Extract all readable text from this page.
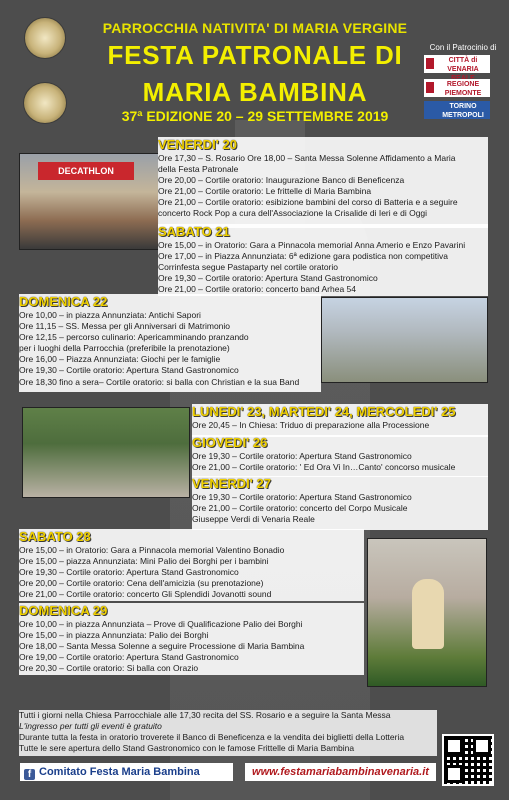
PARROCCHIA NATIVITA' DI MARIA VERGINE
FESTA PATRONALE DI
MARIA BAMBINA
37ª EDIZIONE 20 – 29 SETTEMBRE 2019
Con il Patrocinio di
CITTÀ di VENARIA
REGIONE PIEMONTE
TORINO METROPOLI
DECATHLON
VENERDI' 20
Ore 17,30 – S. Rosario Ore 18,00 – Santa Messa Solenne Affidamento a Maria
della Festa Patronale
Ore 20,00 – Cortile oratorio: Inaugurazione Banco di Beneficenza
Ore 21,00 – Cortile oratorio: Le frittelle di Maria Bambina
Ore 21,00 – Cortile oratorio: esibizione bambini del corso di Batteria e a seguire
concerto Rock Pop a cura dell'Associazione la Crisalide di Ieri e di Oggi
SABATO 21
Ore 15,00 – in Oratorio: Gara a Pinnacola memorial Anna Amerio e Enzo Pavarini
Ore 17,00 – in Piazza Annunziata: 6ª edizione gara podistica non competitiva
Corrinfesta segue Pastaparty nel cortile oratorio
Ore 19,30 – Cortile oratorio: Apertura Stand Gastronomico
Ore 21,00 – Cortile oratorio: concerto band Arhea 54
DOMENICA 22
Ore 10,00 – in piazza Annunziata: Antichi Sapori
Ore 11,15 – SS. Messa per gli Anniversari di Matrimonio
Ore 12,15 – percorso culinario: Apericamminando pranzando
per i luoghi della Parrocchia (preferibile la prenotazione)
Ore 16,00 – Piazza Annunziata: Giochi per le famiglie
Ore 19,30 – Cortile oratorio: Apertura Stand Gastronomico
Ore 18,30 fino a sera– Cortile oratorio: si balla con Christian e la sua Band
LUNEDI' 23, MARTEDI' 24, MERCOLEDI' 25
Ore 20,45 – In Chiesa: Triduo di preparazione alla Processione
GIOVEDI' 26
Ore 19,30 – Cortile oratorio: Apertura Stand Gastronomico
Ore 21,00 – Cortile oratorio: ' Ed Ora Vi In…Canto' concorso musicale
VENERDI' 27
Ore 19,30 – Cortile oratorio: Apertura Stand Gastronomico
Ore 21,00 – Cortile oratorio: concerto del Corpo Musicale
Giuseppe Verdi di Venaria Reale
SABATO 28
Ore 15,00 – in Oratorio: Gara a Pinnacola memorial Valentino Bonadio
Ore 15,00 – piazza Annunziata: Mini Palio dei Borghi per i bambini
Ore 19,30 – Cortile oratorio: Apertura Stand Gastronomico
Ore 20,00 – Cortile oratorio: Cena dell'amicizia (su prenotazione)
Ore 21,00 – Cortile oratorio: concerto Gli Splendidi Jovanotti sound
DOMENICA 29
Ore 10,00 – in piazza Annunziata – Prove di Qualificazione Palio dei Borghi
Ore 15,00 – in piazza Annunziata: Palio dei Borghi
Ore 18,00 – Santa Messa Solenne a seguire Processione di Maria Bambina
Ore 19,00 – Cortile oratorio: Apertura Stand Gastronomico
Ore 20,30 – Cortile oratorio: Si balla con Orazio
Tutti i giorni nella Chiesa Parrocchiale alle 17,30 recita del SS. Rosario e a seguire la Santa Messa
L'ingresso per tutti gli eventi è gratuito
Durante tutta la festa in oratorio troverete il Banco di Beneficenza e la vendita dei biglietti della Lotteria
Tutte le sere apertura dello Stand Gastronomico con le famose Frittelle di Maria Bambina
f Comitato Festa Maria Bambina	www.festamariabambinavenaria.it
